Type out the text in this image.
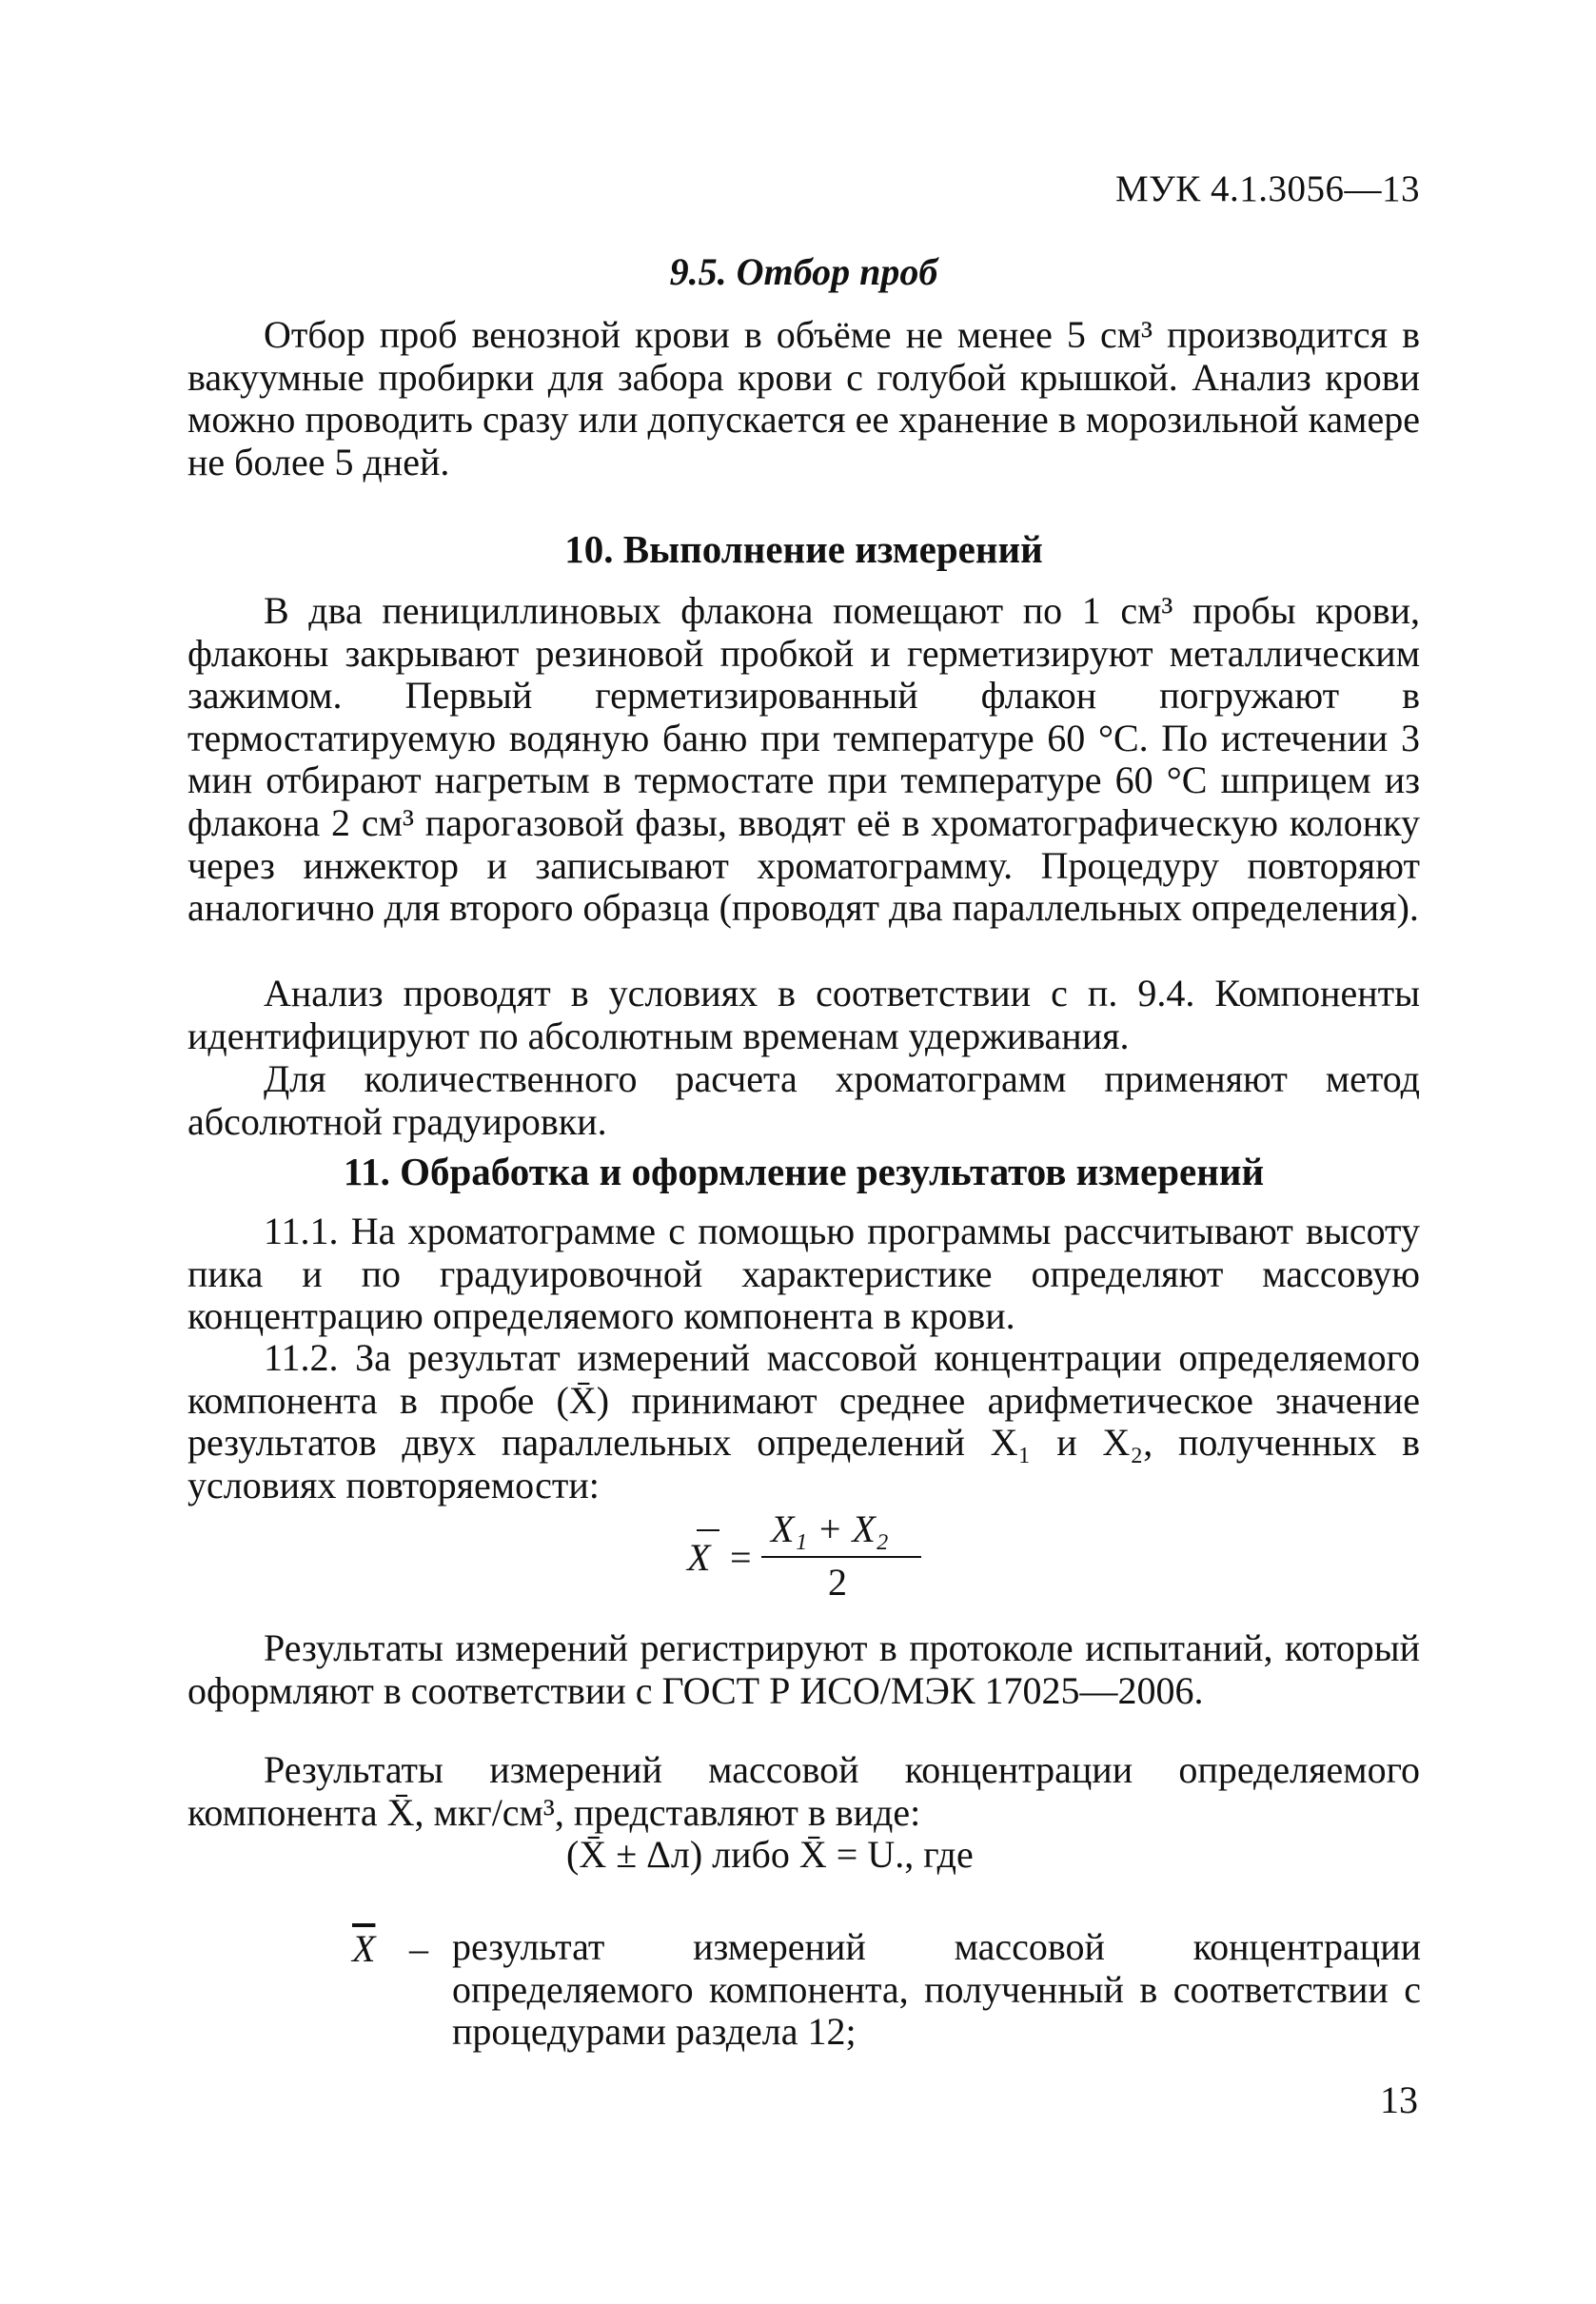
МУК 4.1.3056—13
9.5. Отбор проб
Отбор проб венозной крови в объёме не менее 5 см³ производится в вакуумные пробирки для забора крови с голубой крышкой. Анализ крови можно проводить сразу или допускается ее хранение в морозильной камере не более 5 дней.
10. Выполнение измерений
В два пенициллиновых флакона помещают по 1 см³ пробы крови, флаконы закрывают резиновой пробкой и герметизируют металлическим зажимом. Первый герметизированный флакон погружают в термостатируемую водяную баню при температуре 60 °С. По истечении 3 мин отбирают нагретым в термостате при температуре 60 °С шприцем из флакона 2 см³ парогазовой фазы, вводят её в хроматографическую колонку через инжектор и записывают хроматограмму. Процедуру повторяют аналогично для второго образца (проводят два параллельных определения).
Анализ проводят в условиях в соответствии с п. 9.4. Компоненты идентифицируют по абсолютным временам удерживания.
Для количественного расчета хроматограмм применяют метод абсолютной градуировки.
11. Обработка и оформление результатов измерений
11.1. На хроматограмме с помощью программы рассчитывают высоту пика и по градуировочной характеристике определяют массовую концентрацию определяемого компонента в крови.
11.2. За результат измерений массовой концентрации определяемого компонента в пробе (X̄) принимают среднее арифметическое значение результатов двух параллельных определений X₁ и X₂, полученных в условиях повторяемости:
X =
X₁ + X₂
2
Результаты измерений регистрируют в протоколе испытаний, который оформляют в соответствии с ГОСТ Р ИСО/МЭК 17025—2006.
Результаты измерений массовой концентрации определяемого компонента X̄, мкг/см³, представляют в виде:
(X̄ ± Δл) либо X̄ = U., где
$\overline{X}$ – результат измерений массовой концентрации определяемого компонента, полученный в соответствии с процедурами раздела 12;
13
